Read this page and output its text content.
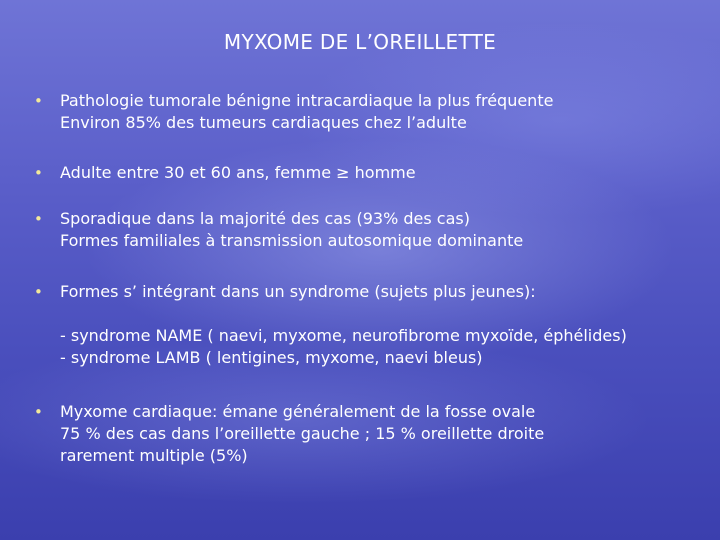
MYXOME DE L’OREILLETTE
•	Pathologie tumorale bénigne intracardiaque la plus fréquente
Environ 85% des tumeurs cardiaques chez l’adulte
•	Adulte entre 30 et 60 ans, femme ≥ homme
•	Sporadique dans la majorité des cas (93% des cas)
Formes familiales à transmission autosomique dominante
•	Formes s’ intégrant dans un syndrome (sujets plus jeunes):
- syndrome NAME ( naevi, myxome, neurofibrome myxoïde, éphélides)
- syndrome LAMB ( lentigines, myxome, naevi bleus)
•	Myxome cardiaque: émane généralement de la fosse ovale
75 % des cas dans l’oreillette gauche ; 15 % oreillette droite
rarement multiple (5%)
